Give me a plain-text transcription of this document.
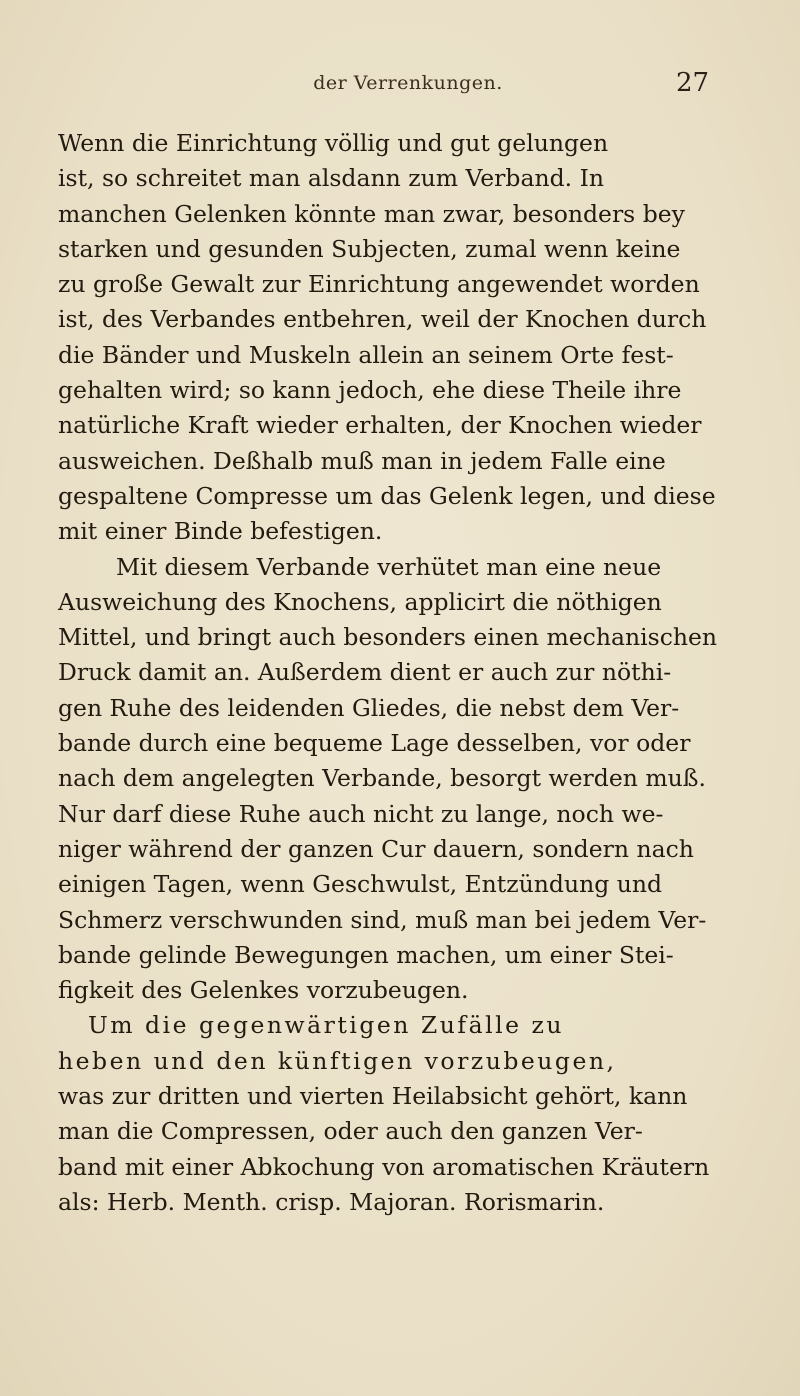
der Verrenkungen.	27
Wenn die Einrichtung völlig und gut gelungen
ist, so schreitet man alsdann zum Verband. In
manchen Gelenken könnte man zwar, besonders bey
starken und gesunden Subjecten, zumal wenn keine
zu große Gewalt zur Einrichtung angewendet worden
ist, des Verbandes entbehren, weil der Knochen durch
die Bänder und Muskeln allein an seinem Orte fest-
gehalten wird; so kann jedoch, ehe diese Theile ihre
natürliche Kraft wieder erhalten, der Knochen wieder
ausweichen. Deßhalb muß man in jedem Falle eine
gespaltene Compresse um das Gelenk legen, und diese
mit einer Binde befestigen.
Mit diesem Verbande verhütet man eine neue
Ausweichung des Knochens, applicirt die nöthigen
Mittel, und bringt auch besonders einen mechanischen
Druck damit an. Außerdem dient er auch zur nöthi-
gen Ruhe des leidenden Gliedes, die nebst dem Ver-
bande durch eine bequeme Lage desselben, vor oder
nach dem angelegten Verbande, besorgt werden muß.
Nur darf diese Ruhe auch nicht zu lange, noch we-
niger während der ganzen Cur dauern, sondern nach
einigen Tagen, wenn Geschwulst, Entzündung und
Schmerz verschwunden sind, muß man bei jedem Ver-
bande gelinde Bewegungen machen, um einer Stei-
figkeit des Gelenkes vorzubeugen.
Um die gegenwärtigen Zufälle zu
heben und den künftigen vorzubeugen,
was zur dritten und vierten Heilabsicht gehört, kann
man die Compressen, oder auch den ganzen Ver-
band mit einer Abkochung von aromatischen Kräutern
als: Herb. Menth. crisp. Majoran. Rorismarin.
